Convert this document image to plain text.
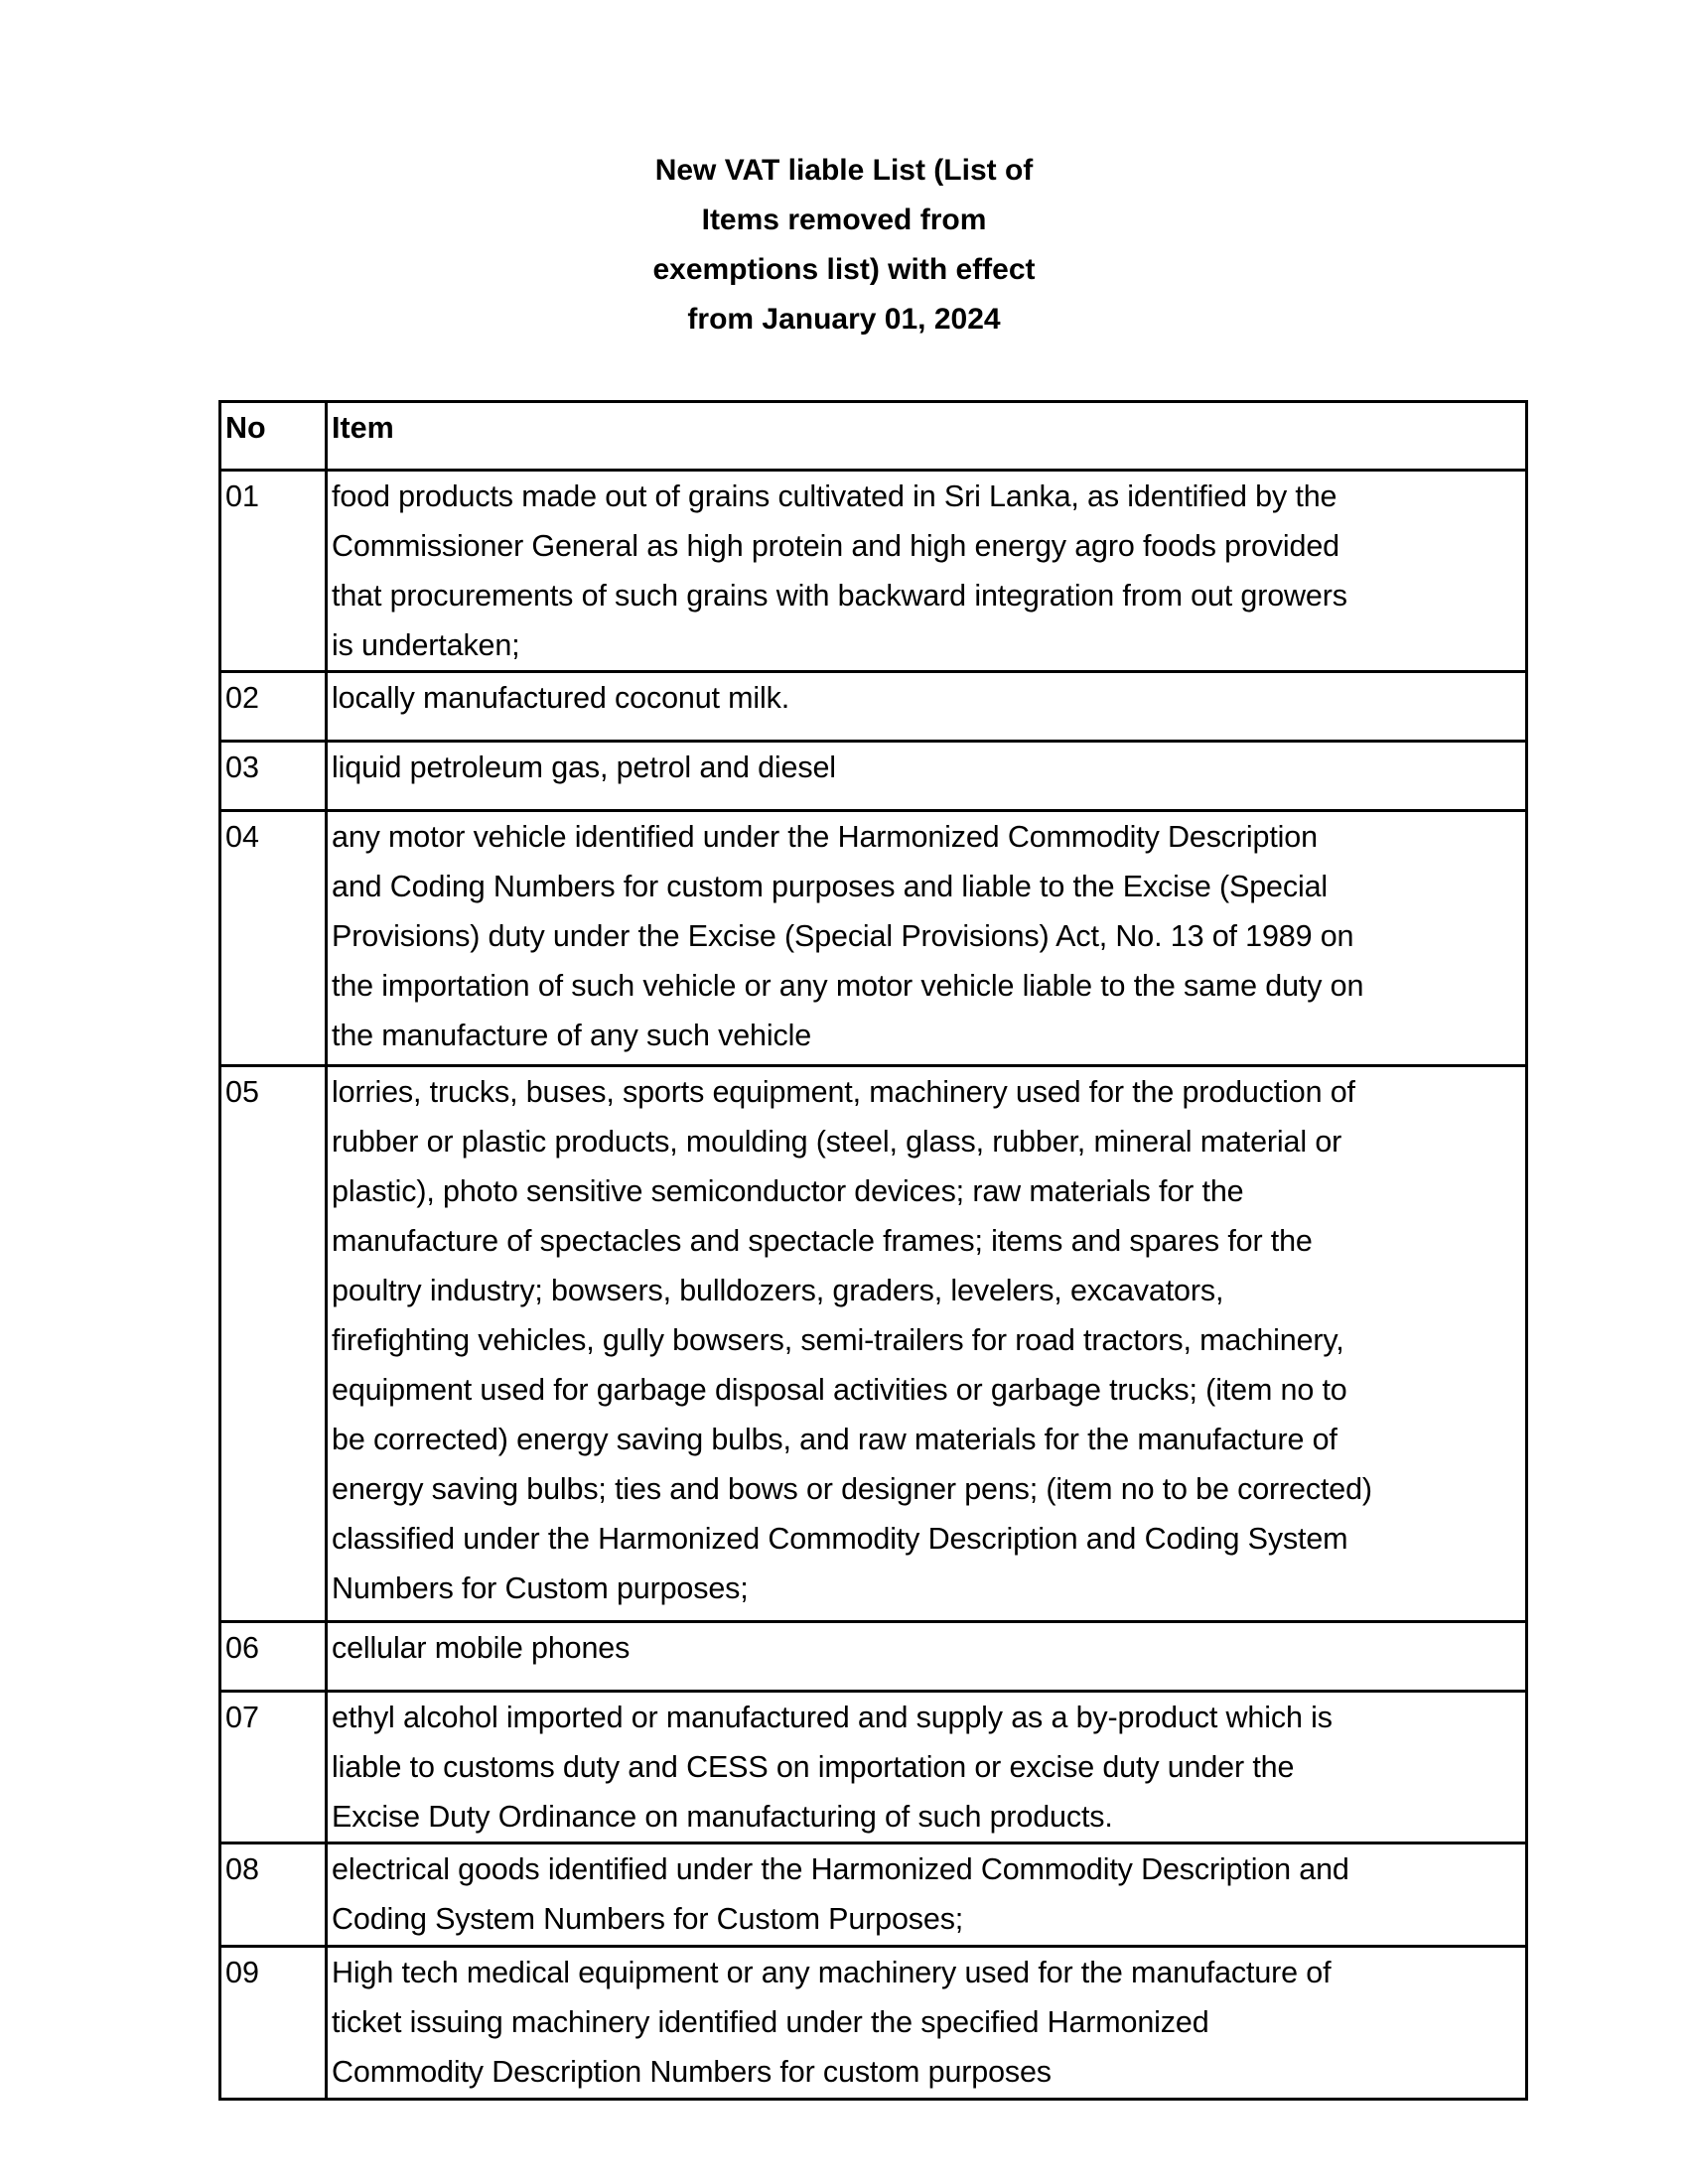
New VAT liable List (List of
Items removed from
exemptions list) with effect
from January 01, 2024
No	Item
01	food products made out of grains cultivated in Sri Lanka, as identified by the
Commissioner General as high protein and high energy agro foods provided
that procurements of such grains with backward integration from out growers
is undertaken;

02	locally manufactured coconut milk.

03	liquid petroleum gas, petrol and diesel

04	any motor vehicle identified under the Harmonized Commodity Description
and Coding Numbers for custom purposes and liable to the Excise (Special
Provisions) duty under the Excise (Special Provisions) Act, No. 13 of 1989 on
the importation of such vehicle or any motor vehicle liable to the same duty on
the manufacture of any such vehicle

05	lorries, trucks, buses, sports equipment, machinery used for the production of
rubber or plastic products, moulding (steel, glass, rubber, mineral material or
plastic), photo sensitive semiconductor devices; raw materials for the
manufacture of spectacles and spectacle frames; items and spares for the
poultry industry; bowsers, bulldozers, graders, levelers, excavators,
firefighting vehicles, gully bowsers, semi-trailers for road tractors, machinery,
equipment used for garbage disposal activities or garbage trucks; (item no to
be corrected) energy saving bulbs, and raw materials for the manufacture of
energy saving bulbs; ties and bows or designer pens; (item no to be corrected)
classified under the Harmonized Commodity Description and Coding System
Numbers for Custom purposes;

06	cellular mobile phones

07	ethyl alcohol imported or manufactured and supply as a by-product which is
liable to customs duty and CESS on importation or excise duty under the
Excise Duty Ordinance on manufacturing of such products.

08	electrical goods identified under the Harmonized Commodity Description and
Coding System Numbers for Custom Purposes;

09	High tech medical equipment or any machinery used for the manufacture of
ticket issuing machinery identified under the specified Harmonized
Commodity Description Numbers for custom purposes
